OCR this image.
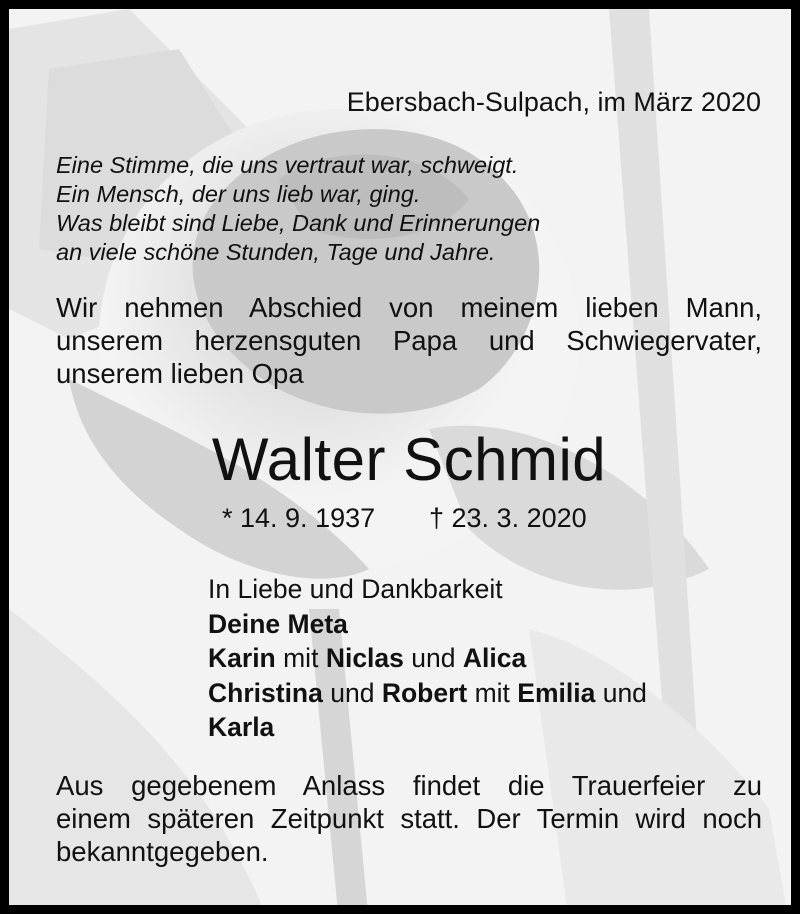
Ebersbach-Sulpach, im März 2020
Eine Stimme, die uns vertraut war, schweigt.
Ein Mensch, der uns lieb war, ging.
Was bleibt sind Liebe, Dank und Erinnerungen
an viele schöne Stunden, Tage und Jahre.
Wir nehmen Abschied von meinem lieben Mann,
unserem herzensguten Papa und Schwiegervater,
unserem lieben Opa
Walter Schmid
* 14. 9. 1937 † 23. 3. 2020
In Liebe und Dankbarkeit
Deine Meta
Karin mit Niclas und Alica
Christina und Robert mit Emilia und
Karla
Aus gegebenem Anlass findet die Trauerfeier zu
einem späteren Zeitpunkt statt. Der Termin wird noch
bekanntgegeben.
